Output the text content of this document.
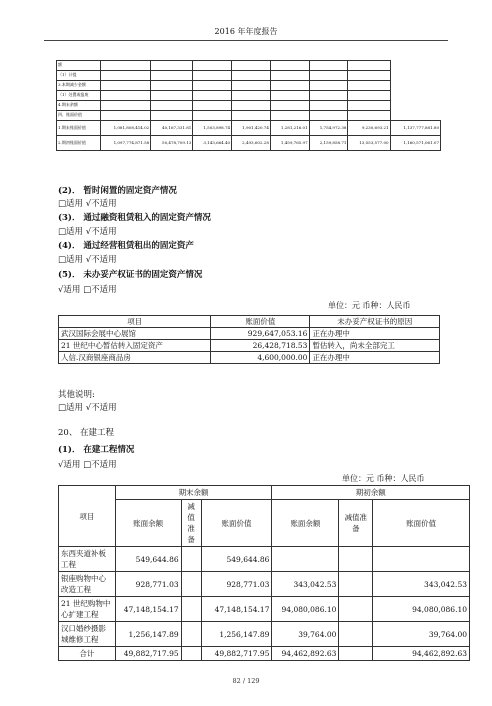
2016 年年度报告
额								
（1）计提								
3.本期减少金额								
（1）处置或报废								
4.期末余额								
四、账面价值								
1.期末账面价值	1,081,808,414.02	40,167,331.81	1,503,898.74	1,901,420.74	1,281,216.01	1,754,972.38	9,230,693.21	1,137,777,881.80
2.期初账面价值	1,097,774,871.58	50,478,709.13	3,143,664.40	2,493,602.28	1,459,765.97	2,159,858.71	13,553,577.00	1,160,571,061.07
(2)． 暂时闲置的固定资产情况
□适用 √不适用
(3)． 通过融资租赁租入的固定资产情况
□适用 √不适用
(4)． 通过经营租赁租出的固定资产
□适用 √不适用
(5)． 未办妥产权证书的固定资产情况
√适用 □不适用
单位：元 币种：人民币
项目	账面价值	未办妥产权证书的原因
武汉国际会展中心展馆	929,647,053.16	正在办理中
21 世纪中心暂估转入固定资产	26,428,718.53	暂估转入，尚未全部完工
人信.汉商银座商品房	4,600,000.00	正在办理中
其他说明:
□适用 √不适用
20、 在建工程
(1)． 在建工程情况
√适用 □不适用
单位：元 币种：人民币
项目	期末余额			期初余额		
	账面余额	减值准备	账面价值	账面余额	减值准备	账面价值
东西夹道补板工程	549,644.86		549,644.86			
银座购物中心改造工程	928,771.03		928,771.03	343,042.53		343,042.53
21 世纪购物中心扩建工程	47,148,154.17		47,148,154.17	94,080,086.10		94,080,086.10
汉口婚纱摄影城维修工程	1,256,147.89		1,256,147.89	39,764.00		39,764.00
合计	49,882,717.95		49,882,717.95	94,462,892.63		94,462,892.63
82 / 129
